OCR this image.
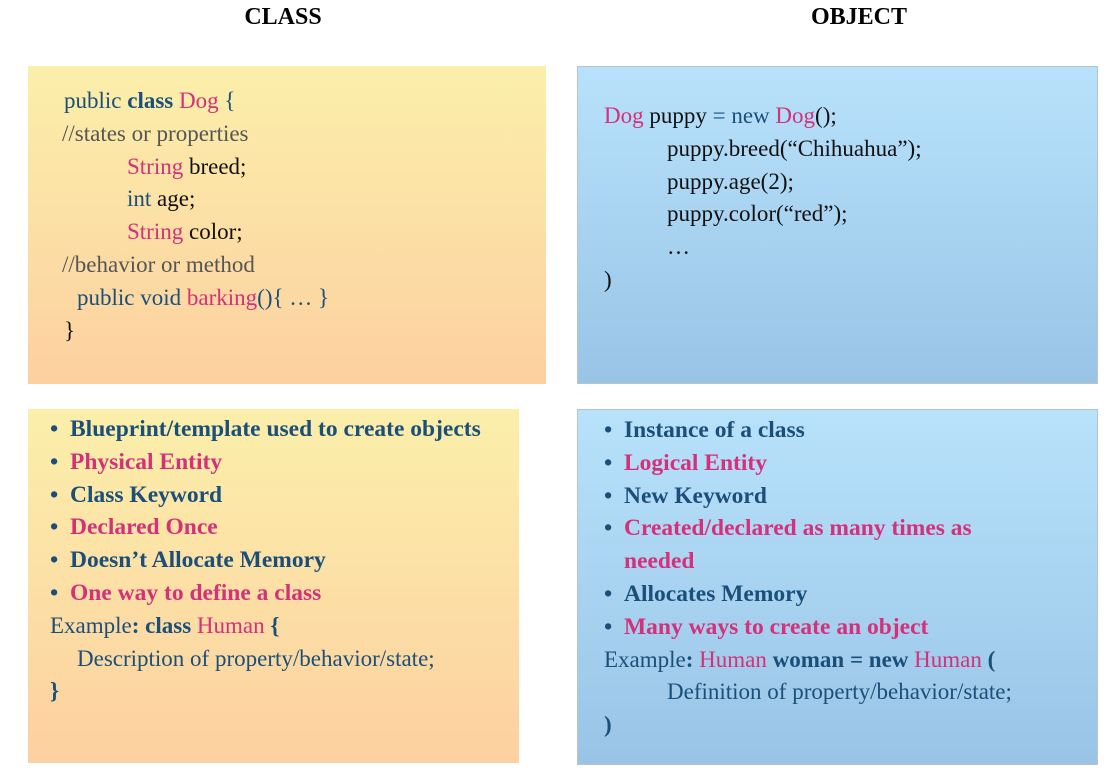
CLASS	OBJECT
public class Dog {
//states or properties
String breed;
int age;
String color;
//behavior or method
public void barking(){ … }
}
Dog puppy = new Dog();
puppy.breed(“Chihuahua”);
puppy.age(2);
puppy.color(“red”);
…
)
• Blueprint/template used to create objects
• Physical Entity
• Class Keyword
• Declared Once
• Doesn’t Allocate Memory
• One way to define a class
Example: class Human {
Description of property/behavior/state;
}
• Instance of a class
• Logical Entity
• New Keyword
• Created/declared as many times as needed
• Allocates Memory
• Many ways to create an object
Example: Human woman = new Human (
Definition of property/behavior/state;
)
